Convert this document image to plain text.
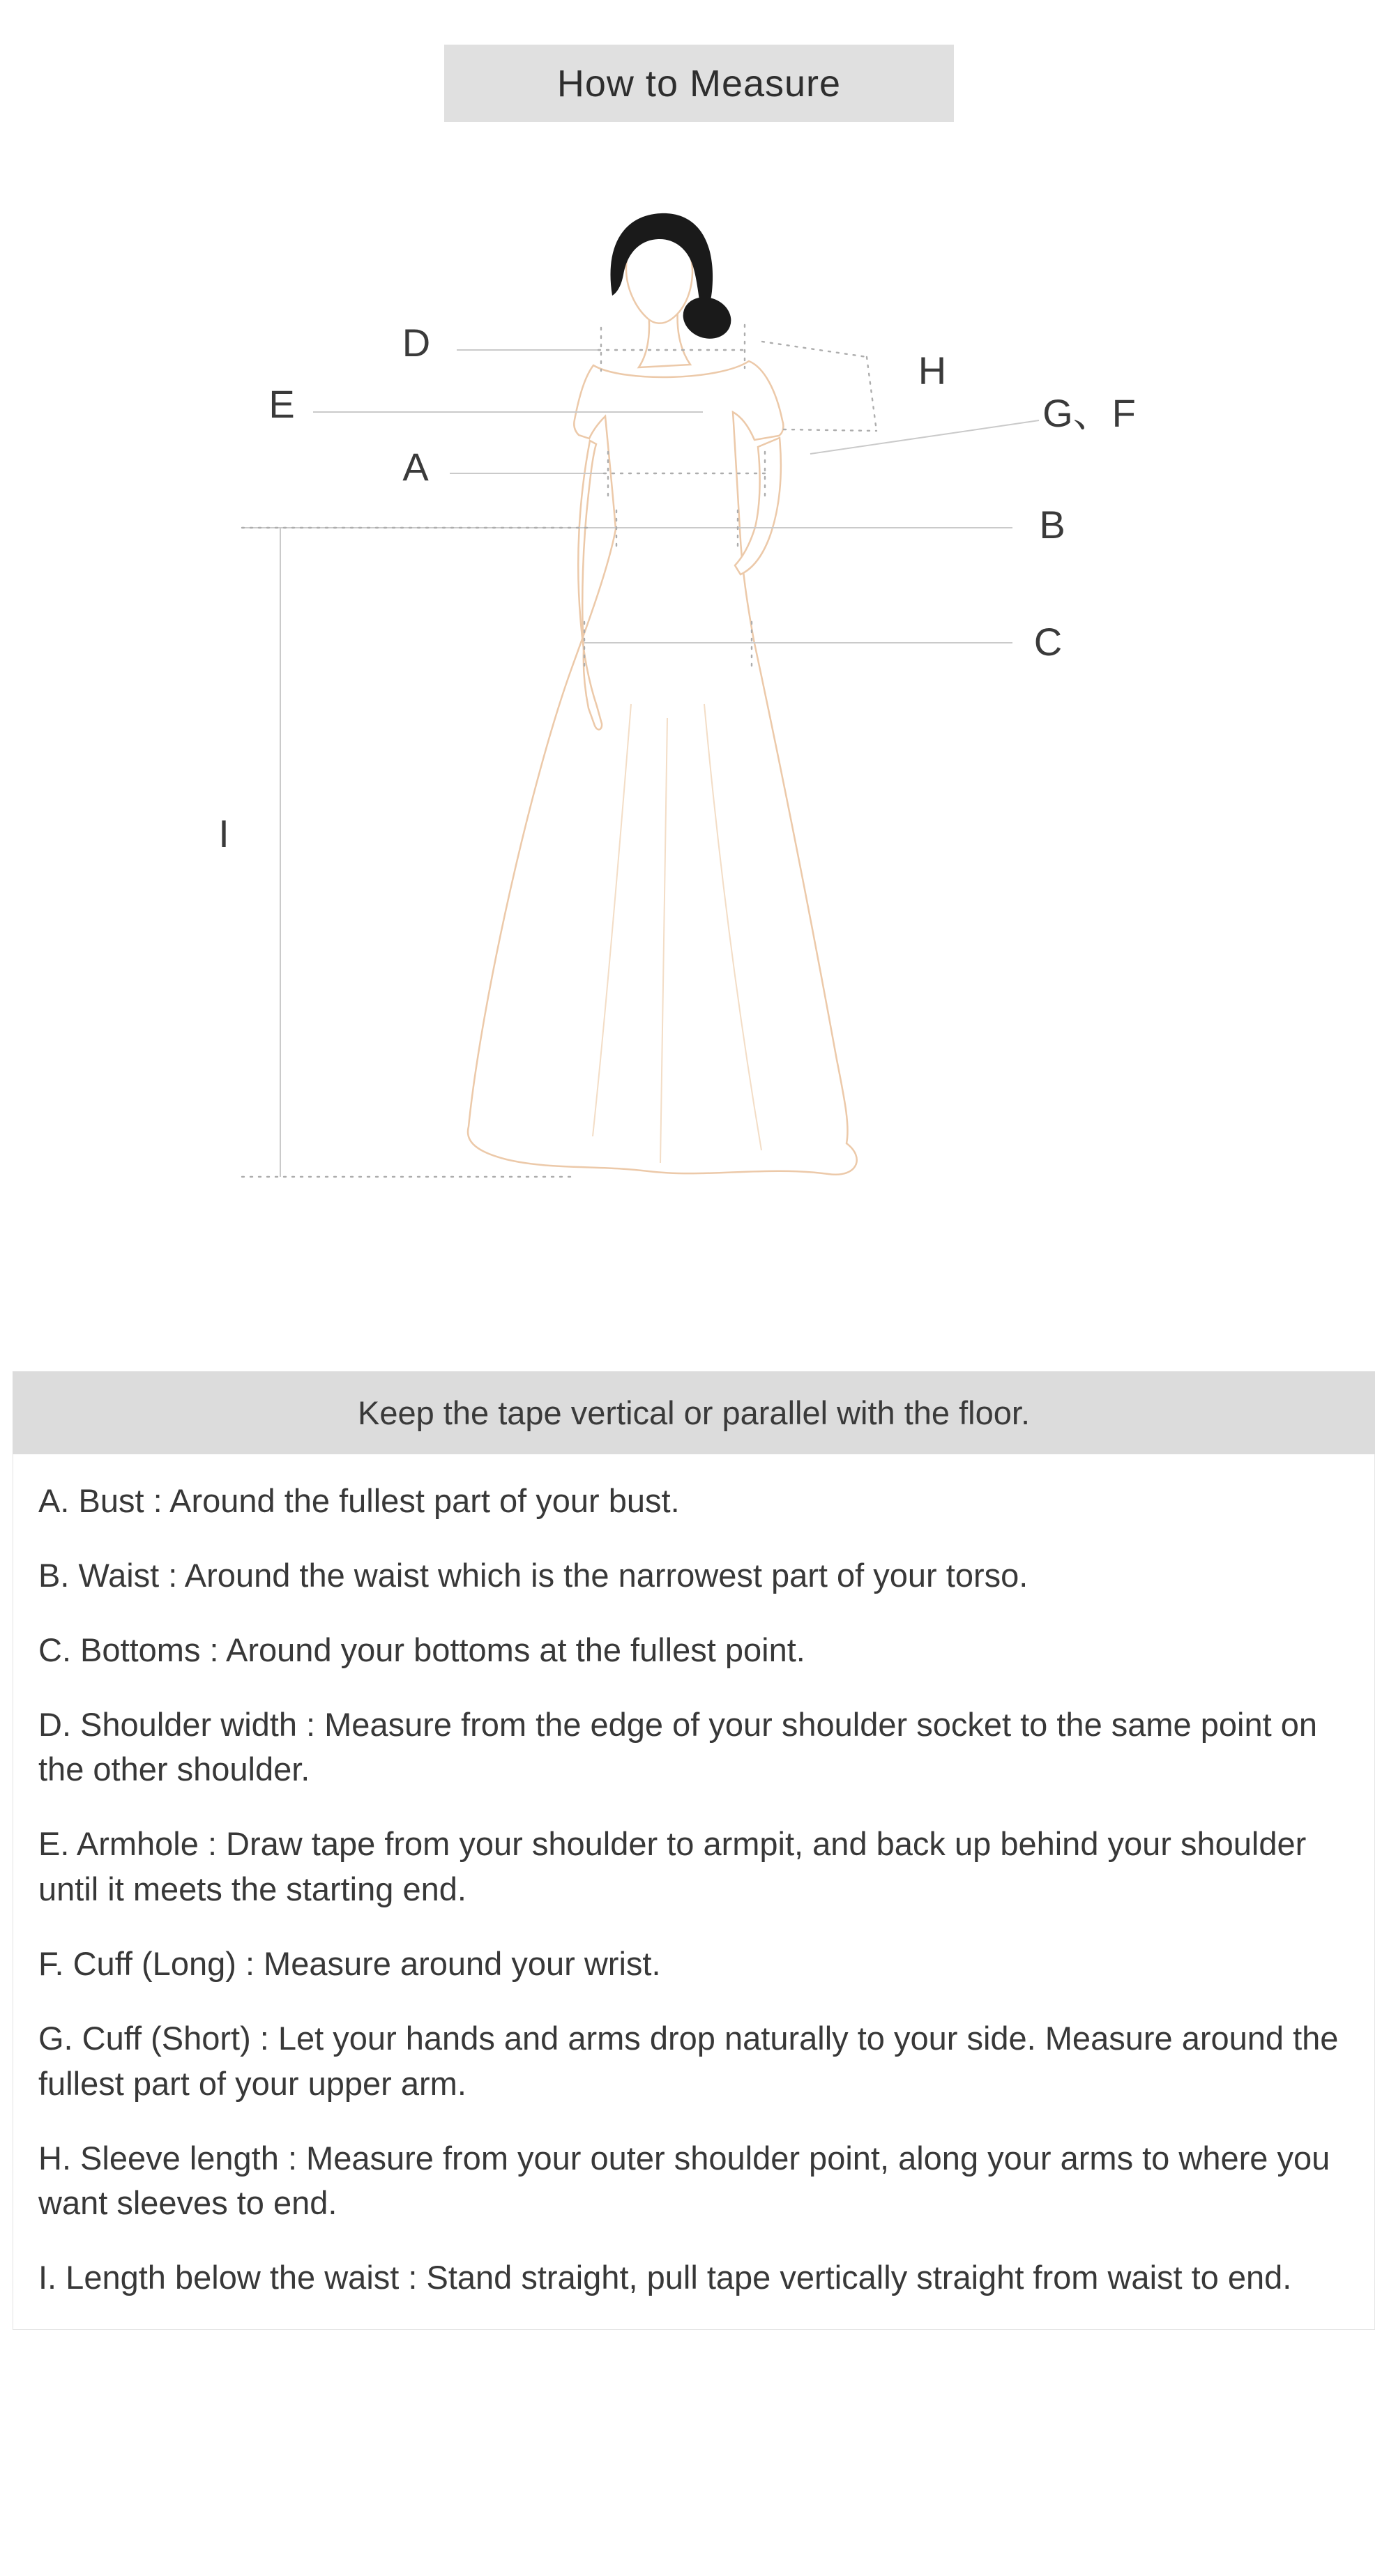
How to Measure
D
E
A
H
G、F
B
C
I
Keep the tape vertical or parallel with the floor.
A. Bust : Around the fullest part of your bust.
B. Waist : Around the waist which is the narrowest part of your torso.
C. Bottoms : Around your bottoms at the fullest point.
D. Shoulder width : Measure from the edge of your shoulder socket to the same point on the other shoulder.
E. Armhole : Draw tape from your shoulder to armpit, and back up behind your shoulder until it meets the starting end.
F. Cuff (Long) : Measure around your wrist.
G. Cuff (Short) : Let your hands and arms drop naturally to your side. Measure around the fullest part of your upper arm.
H. Sleeve length : Measure from your outer shoulder point, along your arms to where you want sleeves to end.
I. Length below the waist : Stand straight, pull tape vertically straight from waist to end.
